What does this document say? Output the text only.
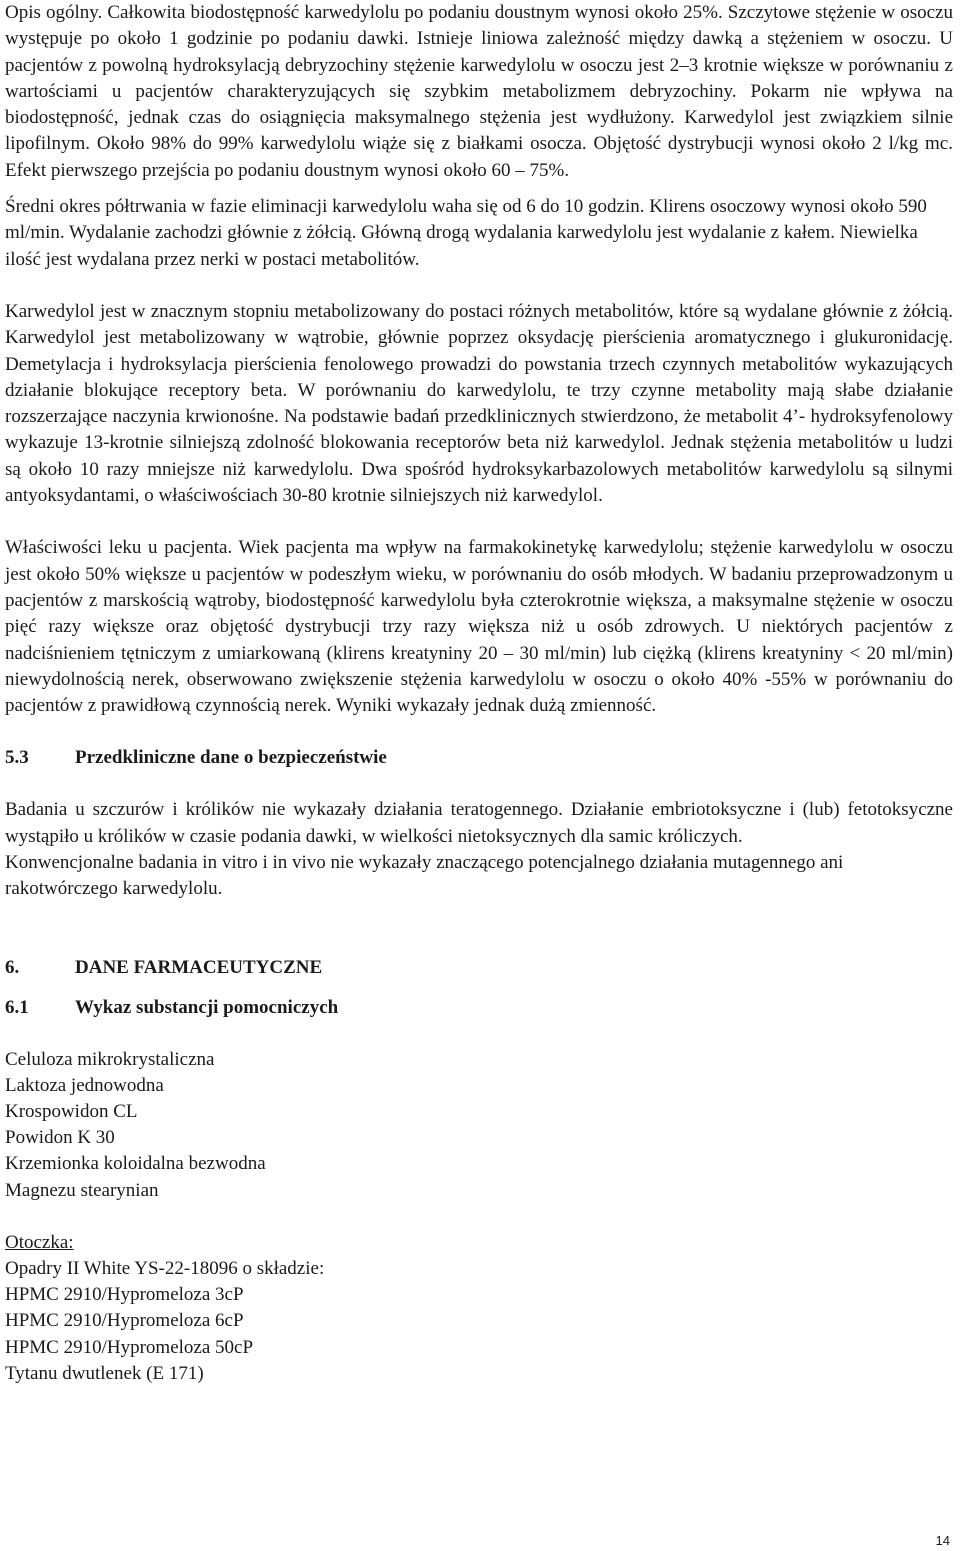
Opis ogólny. Całkowita biodostępność karwedylolu po podaniu doustnym wynosi około 25%. Szczytowe stężenie w osoczu występuje po około 1 godzinie po podaniu dawki. Istnieje liniowa zależność między dawką a stężeniem w osoczu. U pacjentów z powolną hydroksylacją debryzochiny stężenie karwedylolu w osoczu jest 2–3 krotnie większe w porównaniu z wartościami u pacjentów charakteryzujących się szybkim metabolizmem debryzochiny. Pokarm nie wpływa na biodostępność, jednak czas do osiągnięcia maksymalnego stężenia jest wydłużony. Karwedylol jest związkiem silnie lipofilnym. Około 98% do 99% karwedylolu wiąże się z białkami osocza. Objętość dystrybucji wynosi około 2 l/kg mc. Efekt pierwszego przejścia po podaniu doustnym wynosi około 60 – 75%.

Średni okres półtrwania w fazie eliminacji karwedylolu waha się od 6 do 10 godzin. Klirens osoczowy wynosi około 590 ml/min. Wydalanie zachodzi głównie z żółcią. Główną drogą wydalania karwedylolu jest wydalanie z kałem. Niewielka ilość jest wydalana przez nerki w postaci metabolitów.

Karwedylol jest w znacznym stopniu metabolizowany do postaci różnych metabolitów, które są wydalane głównie z żółcią. Karwedylol jest metabolizowany w wątrobie, głównie poprzez oksydację pierścienia aromatycznego i glukuronidację. Demetylacja i hydroksylacja pierścienia fenolowego prowadzi do powstania trzech czynnych metabolitów wykazujących działanie blokujące receptory beta. W porównaniu do karwedylolu, te trzy czynne metabolity mają słabe działanie rozszerzające naczynia krwionośne. Na podstawie badań przedklinicznych stwierdzono, że metabolit 4’- hydroksyfenolowy wykazuje 13-krotnie silniejszą zdolność blokowania receptorów beta niż karwedylol. Jednak stężenia metabolitów u ludzi są około 10 razy mniejsze niż karwedylolu. Dwa spośród hydroksykarbazolowych metabolitów karwedylolu są silnymi antyoksydantami, o właściwościach 30-80 krotnie silniejszych niż karwedylol.

Właściwości leku u pacjenta. Wiek pacjenta ma wpływ na farmakokinetykę karwedylolu; stężenie karwedylolu w osoczu jest około 50% większe u pacjentów w podeszłym wieku, w porównaniu do osób młodych. W badaniu przeprowadzonym u pacjentów z marskością wątroby, biodostępność karwedylolu była czterokrotnie większa, a maksymalne stężenie w osoczu pięć razy większe oraz objętość dystrybucji trzy razy większa niż u osób zdrowych. U niektórych pacjentów z nadciśnieniem tętniczym z umiarkowaną (klirens kreatyniny 20 – 30 ml/min) lub ciężką (klirens kreatyniny < 20 ml/min) niewydolnością nerek, obserwowano zwiększenie stężenia karwedylolu w osoczu o około 40% -55% w porównaniu do pacjentów z prawidłową czynnością nerek. Wyniki wykazały jednak dużą zmienność.

5.3	Przedkliniczne dane o bezpieczeństwie

Badania u szczurów i królików nie wykazały działania teratogennego. Działanie embriotoksyczne i (lub) fetotoksyczne wystąpiło u królików w czasie podania dawki, w wielkości nietoksycznych dla samic króliczych.

Konwencjonalne badania in vitro i in vivo nie wykazały znaczącego potencjalnego działania mutagennego ani rakotwórczego karwedylolu.

6.	DANE FARMACEUTYCZNE
6.1	Wykaz substancji pomocniczych

Celuloza mikrokrystaliczna

Laktoza jednowodna

Krospowidon CL

Powidon K 30

Krzemionka koloidalna bezwodna

Magnezu stearynian

Otoczka:

Opadry II White YS-22-18096 o składzie:

HPMC 2910/Hypromeloza 3cP

HPMC 2910/Hypromeloza 6cP

HPMC 2910/Hypromeloza 50cP

Tytanu dwutlenek (E 171)

14
